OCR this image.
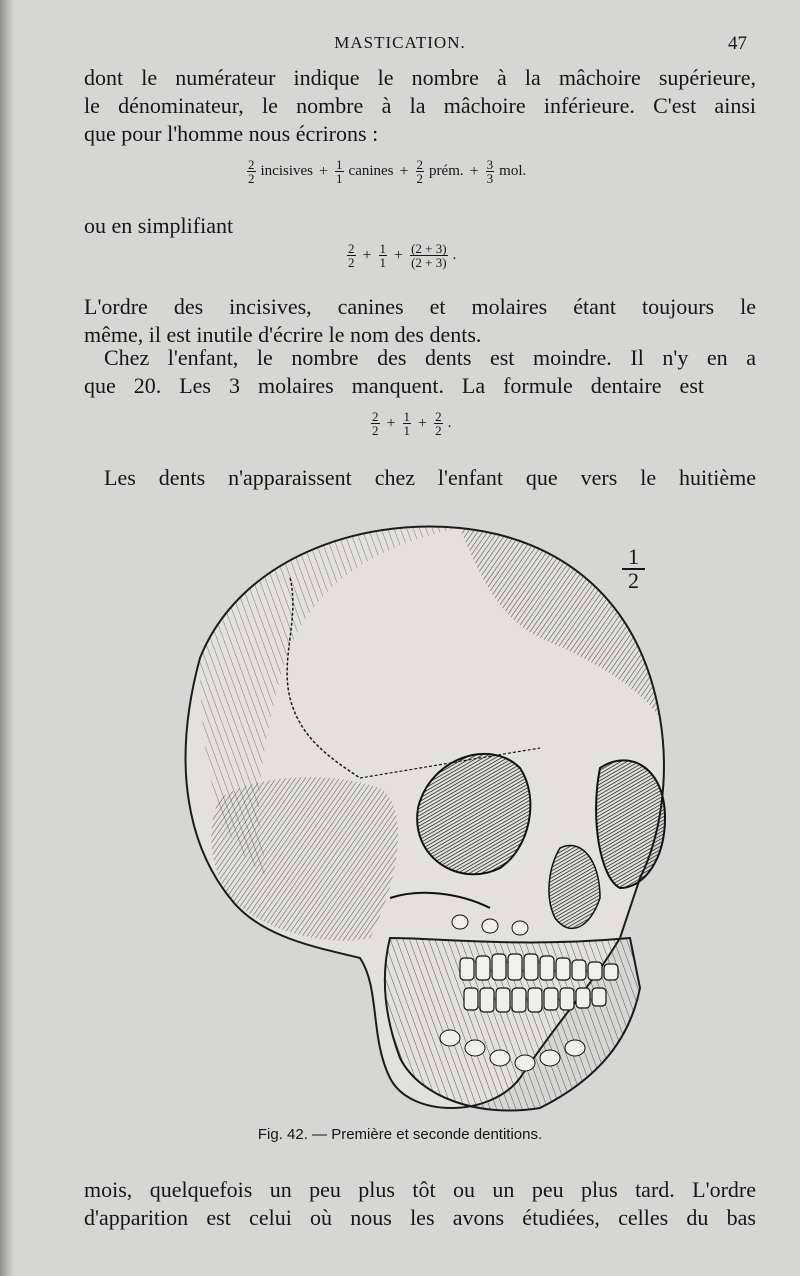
MASTICATION.	47
dont le numérateur indique le nombre à la mâchoire supérieure,
le dénominateur, le nombre à la mâchoire inférieure. C'est ainsi
que pour l'homme nous écrirons :
$\frac{2}{2}$ incisives + $\frac{1}{1}$ canines + $\frac{2}{2}$ prém. + $\frac{3}{3}$ mol.
ou en simplifiant
$\frac{2}{2} + \frac{1}{1} + \frac{(2 + 3)}{(2 + 3)}$ .
L'ordre des incisives, canines et molaires étant toujours le
même, il est inutile d'écrire le nom des dents.
Chez l'enfant, le nombre des dents est moindre. Il n'y en a
que 20. Les 3 molaires manquent. La formule dentaire est
$\frac{2}{2} + \frac{1}{1} + \frac{2}{2}$ .
Les dents n'apparaissent chez l'enfant que vers le huitième
$\frac{1}{2}$
Fig. 42. — Première et seconde dentitions.
mois, quelquefois un peu plus tôt ou un peu plus tard. L'ordre
d'apparition est celui où nous les avons étudiées, celles du bas
